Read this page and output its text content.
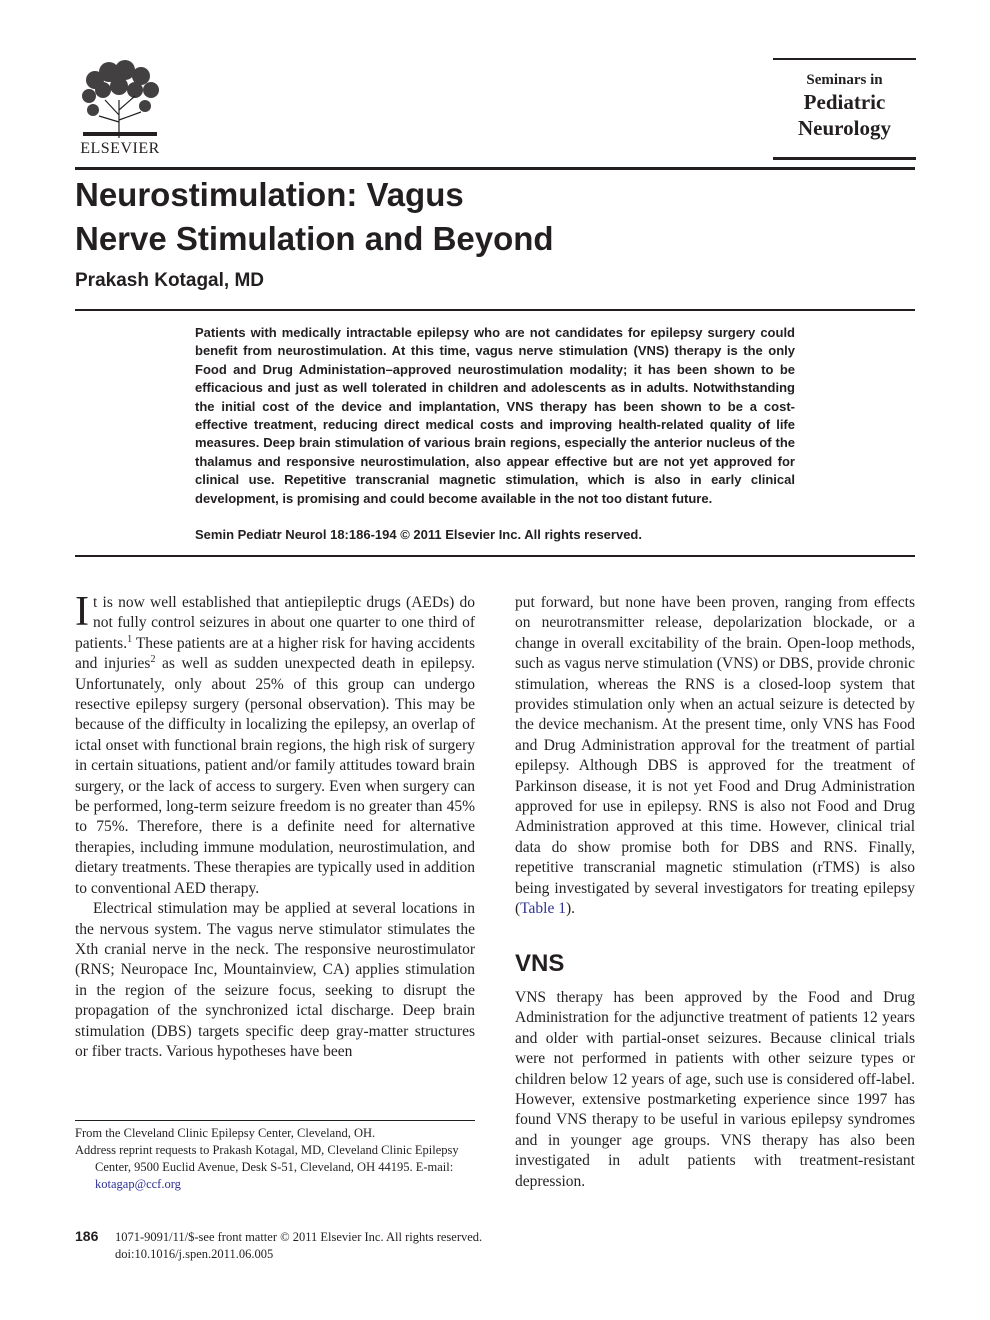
ELSEVIER
Seminars in
Pediatric
Neurology
Neurostimulation: Vagus
Nerve Stimulation and Beyond
Prakash Kotagal, MD
Patients with medically intractable epilepsy who are not candidates for epilepsy surgery could benefit from neurostimulation. At this time, vagus nerve stimulation (VNS) therapy is the only Food and Drug Administation–approved neurostimulation modality; it has been shown to be efficacious and just as well tolerated in children and adolescents as in adults. Notwithstanding the initial cost of the device and implantation, VNS therapy has been shown to be a cost-effective treatment, reducing direct medical costs and improving health-related quality of life measures. Deep brain stimulation of various brain regions, especially the anterior nucleus of the thalamus and responsive neurostimulation, also appear effective but are not yet approved for clinical use. Repetitive transcranial magnetic stimulation, which is also in early clinical development, is promising and could become available in the not too distant future.
Semin Pediatr Neurol 18:186-194 © 2011 Elsevier Inc. All rights reserved.

It is now well established that antiepileptic drugs (AEDs) do not fully control seizures in about one quarter to one third of patients.$^1$ These patients are at a higher risk for having accidents and injuries$^2$ as well as sudden unexpected death in epilepsy. Unfortunately, only about 25% of this group can undergo resective epilepsy surgery (personal observation). This may be because of the difficulty in localizing the epilepsy, an overlap of ictal onset with functional brain regions, the high risk of surgery in certain situations, patient and/or family attitudes toward brain surgery, or the lack of access to surgery. Even when surgery can be performed, long-term seizure freedom is no greater than 45% to 75%. Therefore, there is a definite need for alternative therapies, including immune modulation, neurostimulation, and dietary treatments. These therapies are typically used in addition to conventional AED therapy.

Electrical stimulation may be applied at several locations in the nervous system. The vagus nerve stimulator stimulates the Xth cranial nerve in the neck. The responsive neurostimulator (RNS; Neuropace Inc, Mountainview, CA) applies stimulation in the region of the seizure focus, seeking to disrupt the propagation of the synchronized ictal discharge. Deep brain stimulation (DBS) targets specific deep gray-matter structures or fiber tracts. Various hypotheses have been

put forward, but none have been proven, ranging from effects on neurotransmitter release, depolarization blockade, or a change in overall excitability of the brain. Open-loop methods, such as vagus nerve stimulation (VNS) or DBS, provide chronic stimulation, whereas the RNS is a closed-loop system that provides stimulation only when an actual seizure is detected by the device mechanism. At the present time, only VNS has Food and Drug Administration approval for the treatment of partial epilepsy. Although DBS is approved for the treatment of Parkinson disease, it is not yet Food and Drug Administration approved for use in epilepsy. RNS is also not Food and Drug Administration approved at this time. However, clinical trial data do show promise both for DBS and RNS. Finally, repetitive transcranial magnetic stimulation (rTMS) is also being investigated by several investigators for treating epilepsy (Table 1).

VNS

VNS therapy has been approved by the Food and Drug Administration for the adjunctive treatment of patients 12 years and older with partial-onset seizures. Because clinical trials were not performed in patients with other seizure types or children below 12 years of age, such use is considered off-label. However, extensive postmarketing experience since 1997 has found VNS therapy to be useful in various epilepsy syndromes and in younger age groups. VNS therapy has also been investigated in adult patients with treatment-resistant depression.

From the Cleveland Clinic Epilepsy Center, Cleveland, OH.

Address reprint requests to Prakash Kotagal, MD, Cleveland Clinic Epilepsy Center, 9500 Euclid Avenue, Desk S-51, Cleveland, OH 44195. E-mail: kotagap@ccf.org

186 1071-9091/11/$-see front matter © 2011 Elsevier Inc. All rights reserved.
doi:10.1016/j.spen.2011.06.005
